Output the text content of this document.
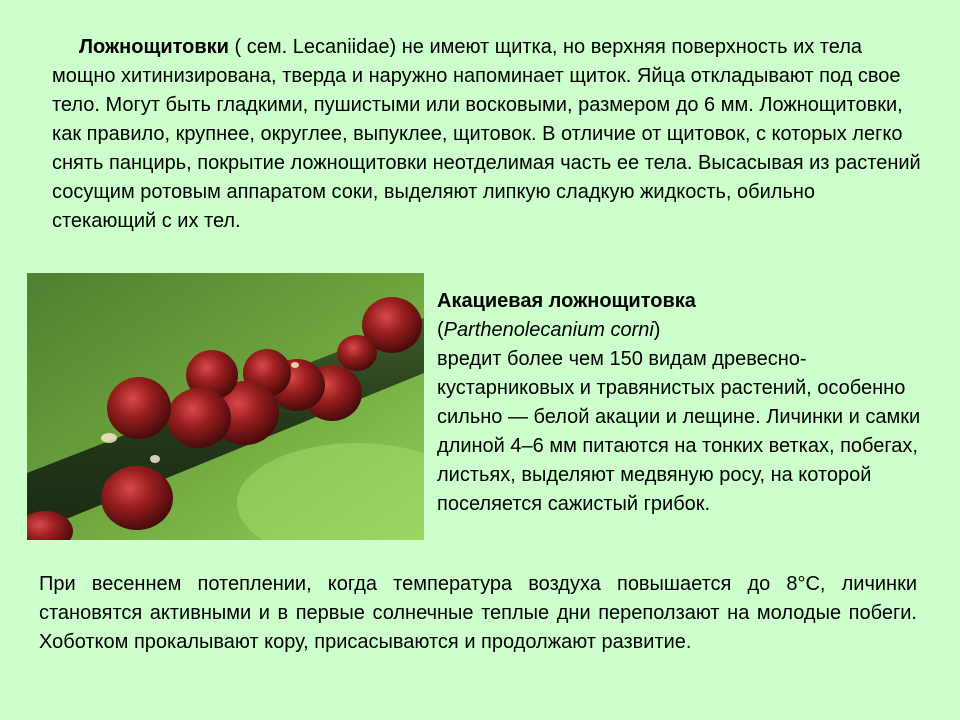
Ложнощитовки ( сем. Lecaniidae) не имеют щитка, но верхняя поверхность их тела мощно хитинизирована, тверда и наружно напоминает щиток. Яйца откладывают под свое тело. Могут быть гладкими, пушистыми или восковыми, размером до 6 мм. Ложнощитовки, как правило, крупнее, округлее, выпуклее, щитовок. В отличие от щитовок, с которых легко снять панцирь, покрытие ложнощитовки неотделимая часть ее тела. Высасывая из растений сосущим ротовым аппаратом соки, выделяют липкую сладкую жидкость, обильно стекающий с их тел.

Акациевая ложнощитовка
(Parthenolecanium corni)
вредит более чем 150 видам древесно-кустарниковых и травянистых растений, особенно сильно — белой акации и лещине. Личинки и самки длиной 4–6 мм питаются на тонких ветках, побегах, листьях, выделяют медвяную росу, на которой поселяется сажистый грибок.

При весеннем потеплении, когда температура воздуха повышается до 8°С, личинки становятся активными и в первые солнечные теплые дни переползают на молодые побеги. Хоботком прокалывают кору, присасываются и продолжают развитие.
